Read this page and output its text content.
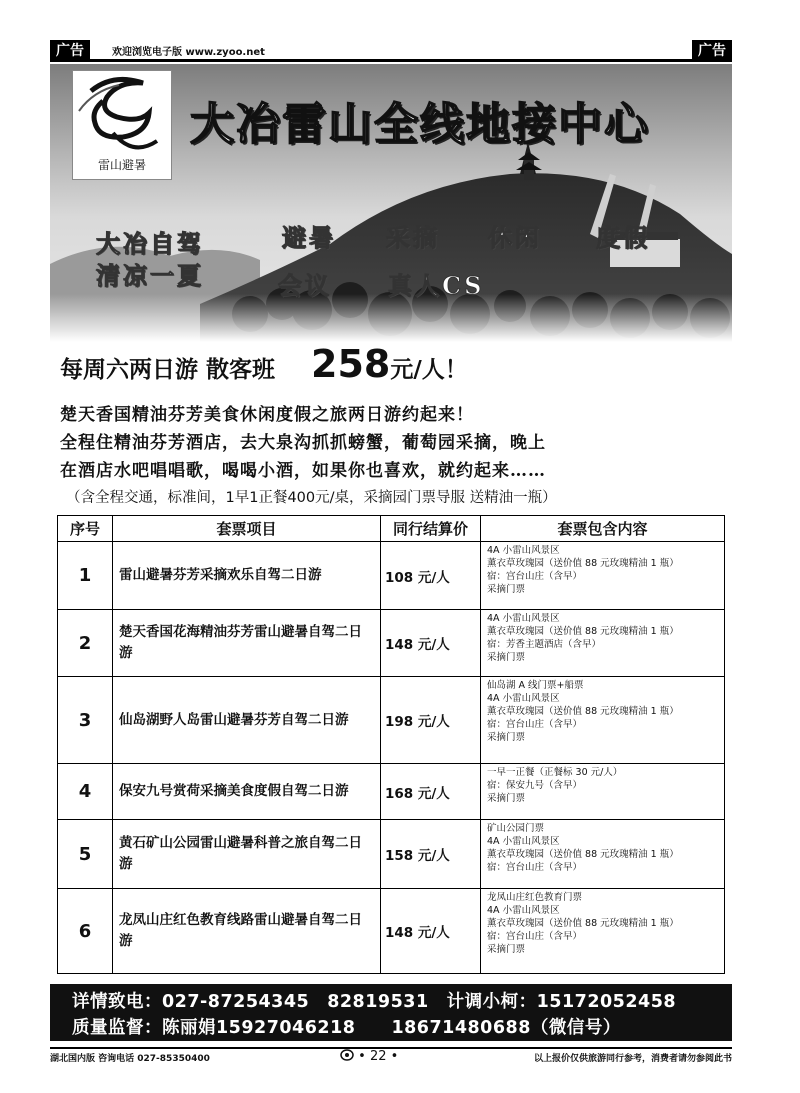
广告	欢迎浏览电子版 www.zyoo.net	广告
雷山避暑
大冶雷山全线地接中心
大冶自驾
清凉一夏
避暑 采摘 休闲 度假
会议 真人CS
每周六两日游 散客班 258元/人！
楚天香国精油芬芳美食休闲度假之旅两日游约起来！
全程住精油芬芳酒店，去大泉沟抓抓螃蟹，葡萄园采摘，晚上
在酒店水吧唱唱歌，喝喝小酒，如果你也喜欢，就约起来……
（含全程交通，标准间，1早1正餐400元/桌，采摘园门票导服 送精油一瓶）
序号	套票项目	同行结算价	套票包含内容
1	雷山避暑芬芳采摘欢乐自驾二日游	108 元/人	4A 小雷山风景区
薰衣草玫瑰园（送价值 88 元玫瑰精油 1 瓶）
宿：宫台山庄（含早）
采摘门票

2	楚天香国花海精油芬芳雷山避暑自驾二日游	148 元/人	4A 小雷山风景区
薰衣草玫瑰园（送价值 88 元玫瑰精油 1 瓶）
宿：芳香主题酒店（含早）
采摘门票

3	仙岛湖野人岛雷山避暑芬芳自驾二日游	198 元/人	仙岛湖 A 线门票+船票
4A 小雷山风景区
薰衣草玫瑰园（送价值 88 元玫瑰精油 1 瓶）
宿：宫台山庄（含早）
采摘门票

4	保安九号赏荷采摘美食度假自驾二日游	168 元/人	一早一正餐（正餐标 30 元/人）
宿：保安九号（含早）
采摘门票

5	黄石矿山公园雷山避暑科普之旅自驾二日游	158 元/人	矿山公园门票
4A 小雷山风景区
薰衣草玫瑰园（送价值 88 元玫瑰精油 1 瓶）
宿：宫台山庄（含早）

6	龙凤山庄红色教育线路雷山避暑自驾二日游	148 元/人	龙凤山庄红色教育门票
4A 小雷山风景区
薰衣草玫瑰园（送价值 88 元玫瑰精油 1 瓶）
宿：宫台山庄（含早）
采摘门票
详情致电：027-87254345　82819531　计调小柯：15172052458
质量监督：陈丽娟15927046218　　18671480688（微信号）
湖北国内版 咨询电话 027-85350400	• 22 •	以上报价仅供旅游同行参考，消费者请勿参阅此书
